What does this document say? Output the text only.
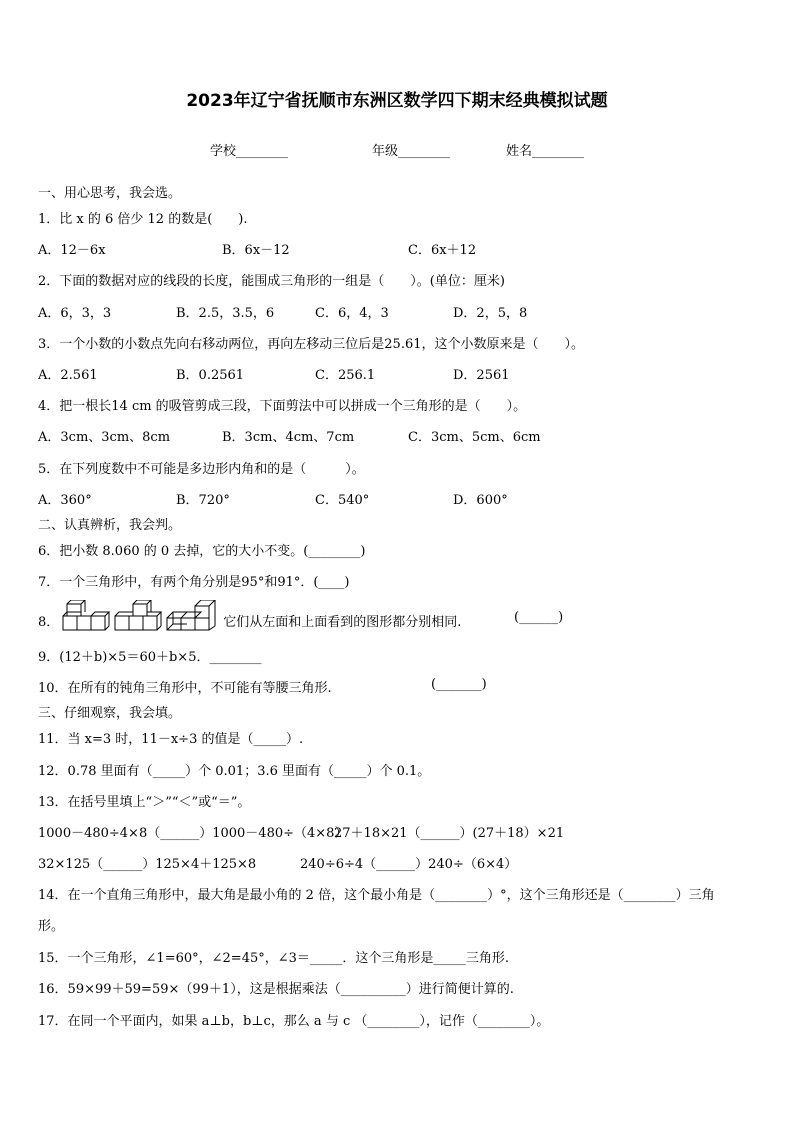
2023年辽宁省抚顺市东洲区数学四下期末经典模拟试题
学校________	年级________	姓名________
一、用心思考，我会选。
1．比 x 的 6 倍少 12 的数是(　　).
A．12－6x	B．6x－12	C．6x＋12
2．下面的数据对应的线段的长度，能围成三角形的一组是（　　）。(单位：厘米)
A．6，3，3	B．2.5，3.5，6	C．6，4，3	D．2，5，8
3．一个小数的小数点先向右移动两位，再向左移动三位后是25.61，这个小数原来是（　　）。
A．2.561	B．0.2561	C．256.1	D．2561
4．把一根长14 cm 的吸管剪成三段，下面剪法中可以拼成一个三角形的是（　　）。
A．3cm、3cm、8cm	B．3cm、4cm、7cm	C．3cm、5cm、6cm
5．在下列度数中不可能是多边形内角和的是（　　　）。
A．360°	B．720°	C．540°	D．600°
二、认真辨析，我会判。
6．把小数 8.060 的 0 去掉，它的大小不变。(________)
7．一个三角形中，有两个角分别是95°和91°．(____)
8．	它们从左面和上面看到的图形都分别相同.	(______)
9．(12＋b)×5＝60＋b×5．________
10．在所有的钝角三角形中，不可能有等腰三角形.	(_______)
三、仔细观察，我会填。
11．当 x=3 时，11－x÷3 的值是（_____）.
12．0.78 里面有（_____）个 0.01；3.6 里面有（_____）个 0.1。
13．在括号里填上“＞”“＜”或“＝”。
1000－480÷4×8（______）1000－480÷（4×8）
27＋18×21（______）(27＋18）×21
32×125（______）125×4＋125×8	240÷6÷4（______）240÷（6×4）
14．在一个直角三角形中，最大角是最小角的 2 倍，这个最小角是（________）°，这个三角形还是（________）三角
形。
15．一个三角形，∠1=60°，∠2=45°，∠3＝_____．这个三角形是_____三角形.
16．59×99＋59=59×（99＋1），这是根据乘法（__________）进行简便计算的.
17．在同一个平面内，如果 a⊥b，b⊥c，那么 a 与 c （________），记作（________）。
